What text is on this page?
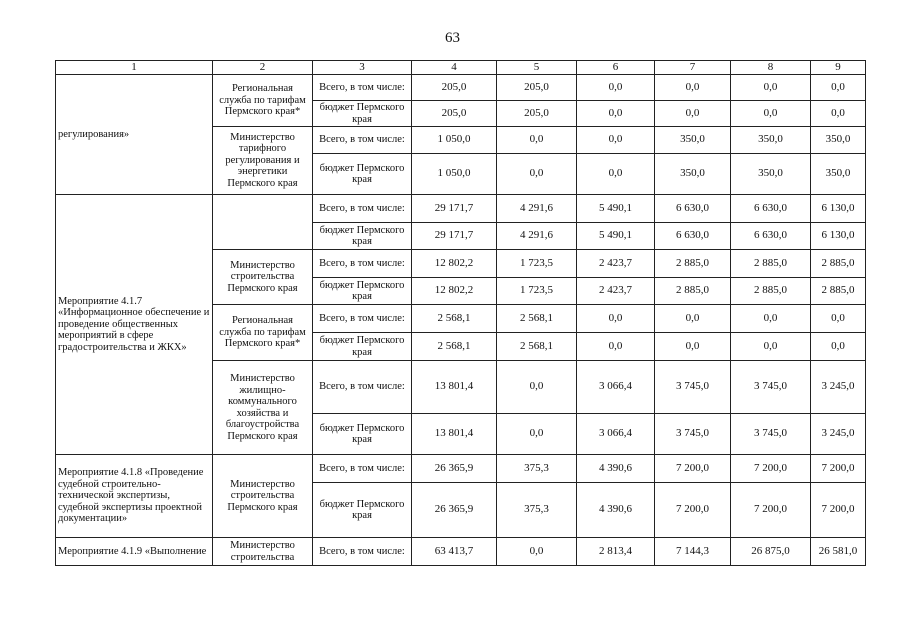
63
1	2	3	4	5	6	7	8	9
регулирования»	Региональная служба по тарифам Пермского края*	Всего, в том числе:	205,0	205,0	0,0	0,0	0,0	0,0
		бюджет Пермского края	205,0	205,0	0,0	0,0	0,0	0,0
	Министерство тарифного регулирования и энергетики Пермского края	Всего, в том числе:	1 050,0	0,0	0,0	350,0	350,0	350,0
		бюджет Пермского края	1 050,0	0,0	0,0	350,0	350,0	350,0
Мероприятие 4.1.7 «Информационное обеспечение и проведение общественных мероприятий в сфере градостроительства и ЖКХ»		Всего, в том числе:	29 171,7	4 291,6	5 490,1	6 630,0	6 630,0	6 130,0
		бюджет Пермского края	29 171,7	4 291,6	5 490,1	6 630,0	6 630,0	6 130,0
	Министерство строительства Пермского края	Всего, в том числе:	12 802,2	1 723,5	2 423,7	2 885,0	2 885,0	2 885,0
		бюджет Пермского края	12 802,2	1 723,5	2 423,7	2 885,0	2 885,0	2 885,0
	Региональная служба по тарифам Пермского края*	Всего, в том числе:	2 568,1	2 568,1	0,0	0,0	0,0	0,0
		бюджет Пермского края	2 568,1	2 568,1	0,0	0,0	0,0	0,0
	Министерство жилищно-коммунального хозяйства и благоустройства Пермского края	Всего, в том числе:	13 801,4	0,0	3 066,4	3 745,0	3 745,0	3 245,0
		бюджет Пермского края	13 801,4	0,0	3 066,4	3 745,0	3 745,0	3 245,0
Мероприятие 4.1.8 «Проведение судебной строительно-технической экспертизы, судебной экспертизы проектной документации»	Министерство строительства Пермского края	Всего, в том числе:	26 365,9	375,3	4 390,6	7 200,0	7 200,0	7 200,0
		бюджет Пермского края	26 365,9	375,3	4 390,6	7 200,0	7 200,0	7 200,0
Мероприятие 4.1.9 «Выполнение	Министерство строительства	Всего, в том числе:	63 413,7	0,0	2 813,4	7 144,3	26 875,0	26 581,0
